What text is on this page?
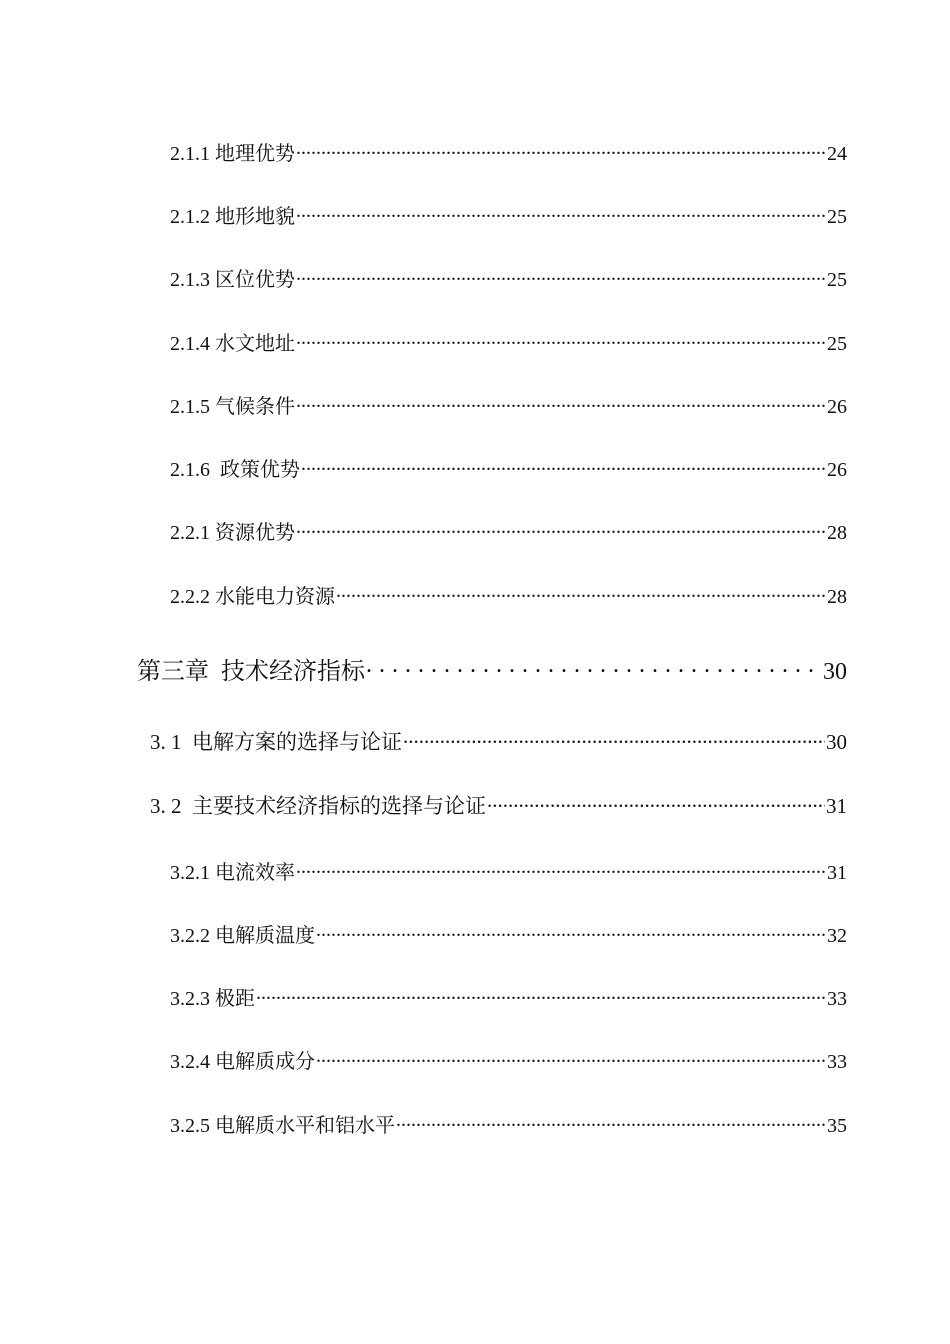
2.1.1 地理优势 .....	24
2.1.2 地形地貌 .....	25
2.1.3 区位优势 .....	25
2.1.4 水文地址 .....	25
2.1.5 气候条件 .....	26
2.1.6  政策优势 .....	26
2.2.1 资源优势 .....	28
2.2.2 水能电力资源 .....	28
第三章  技术经济指标 . . .	30
3. 1  电解方案的选择与论证 .....	30
3. 2  主要技术经济指标的选择与论证 .....	31
3.2.1 电流效率 .....	31
3.2.2 电解质温度 .....	32
3.2.3 极距 .....	33
3.2.4 电解质成分 .....	33
3.2.5 电解质水平和铝水平 .....	35
